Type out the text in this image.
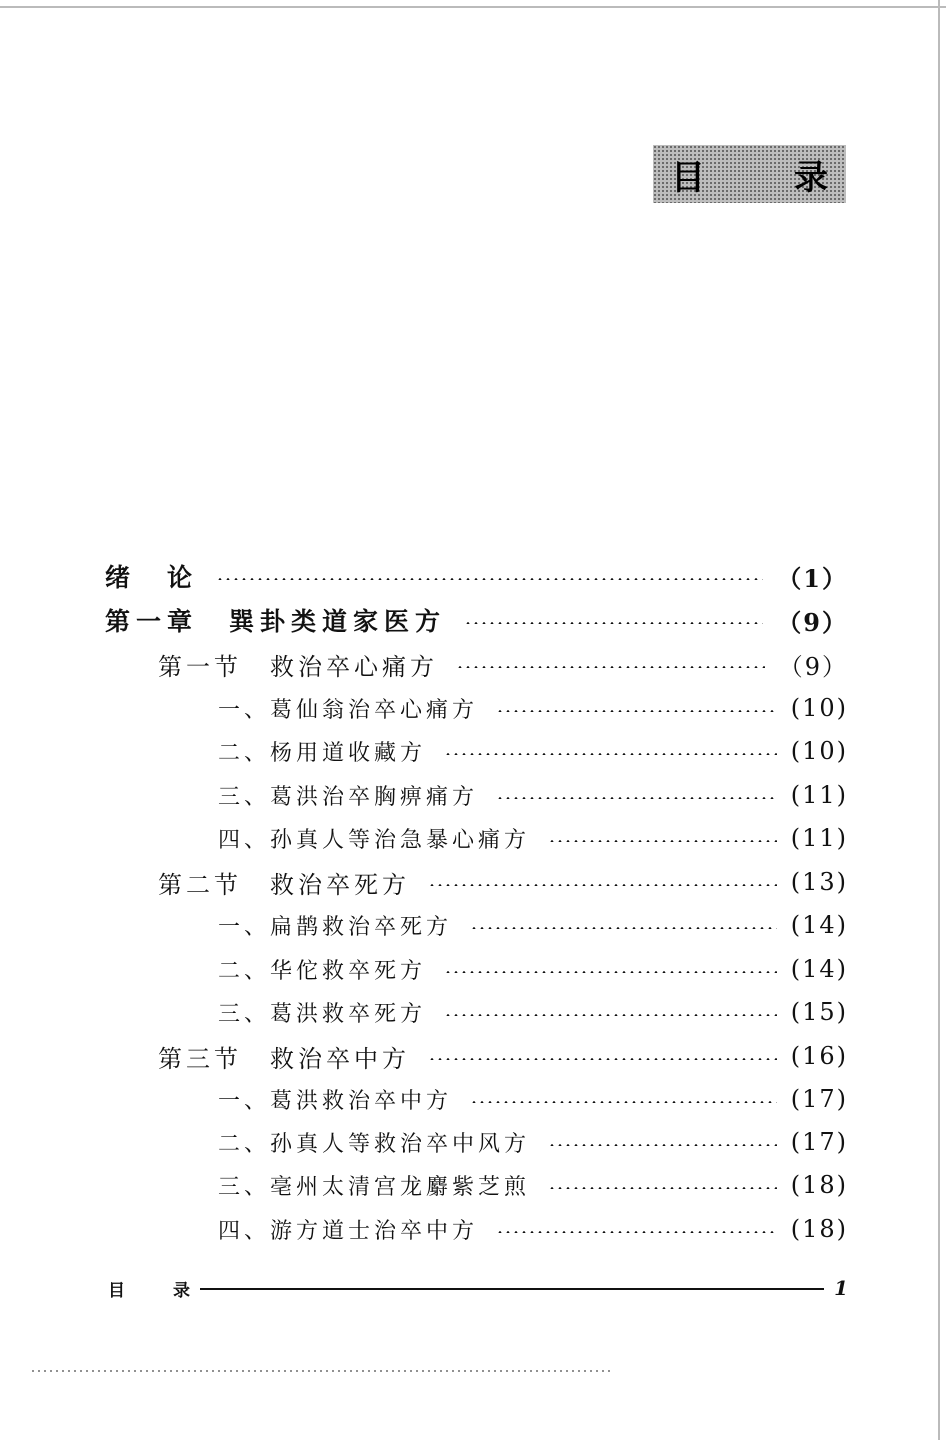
目	录
绪　论	（1）
第一章　巽卦类道家医方	（9）
第一节　救治卒心痛方	（9）
一、葛仙翁治卒心痛方	(10)
二、杨用道收藏方	(10)
三、葛洪治卒胸痹痛方	(11)
四、孙真人等治急暴心痛方	(11)
第二节　救治卒死方	(13)
一、扁鹊救治卒死方	(14)
二、华佗救卒死方	(14)
三、葛洪救卒死方	(15)
第三节　救治卒中方	(16)
一、葛洪救治卒中方	(17)
二、孙真人等救治卒中风方	(17)
三、亳州太清宫龙麝紫芝煎	(18)
四、游方道士治卒中方	(18)
目	录	1
